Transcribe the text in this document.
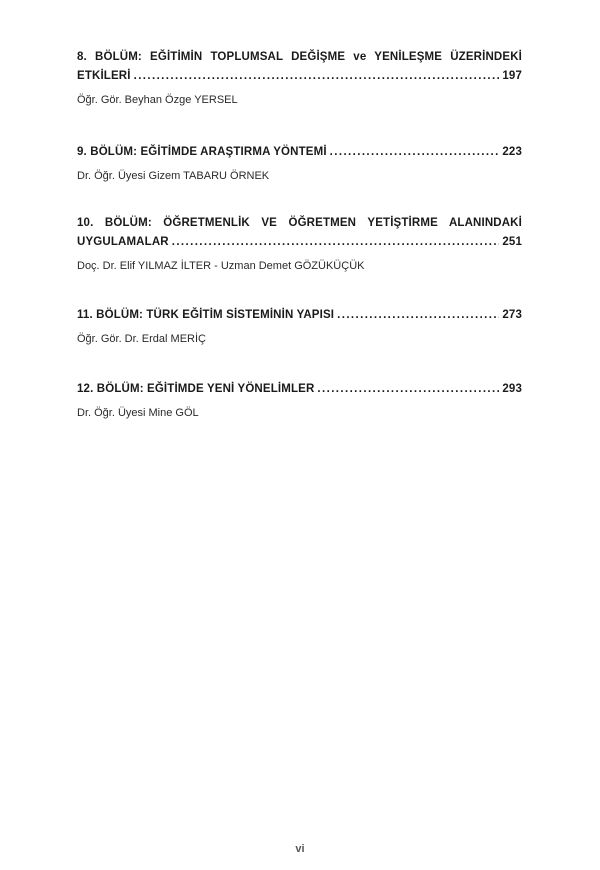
8. BÖLÜM: EĞİTİMİN TOPLUMSAL DEĞİŞME ve YENİLEŞME ÜZERİNDEKİ
ETKİLERİ .....	197
Öğr. Gör. Beyhan Özge YERSEL
9. BÖLÜM: EĞİTİMDE ARAŞTIRMA YÖNTEMİ .....	223
Dr. Öğr. Üyesi Gizem TABARU ÖRNEK
10. BÖLÜM: ÖĞRETMENLİK VE ÖĞRETMEN YETİŞTİRME ALANINDAKİ
UYGULAMALAR .....	251
Doç. Dr. Elif YILMAZ İLTER - Uzman Demet GÖZÜKÜÇÜK
11. BÖLÜM: TÜRK EĞİTİM SİSTEMİNİN YAPISI .....	273
Öğr. Gör. Dr. Erdal MERİÇ
12. BÖLÜM: EĞİTİMDE YENİ YÖNELİMLER .....	293
Dr. Öğr. Üyesi Mine GÖL
vi
